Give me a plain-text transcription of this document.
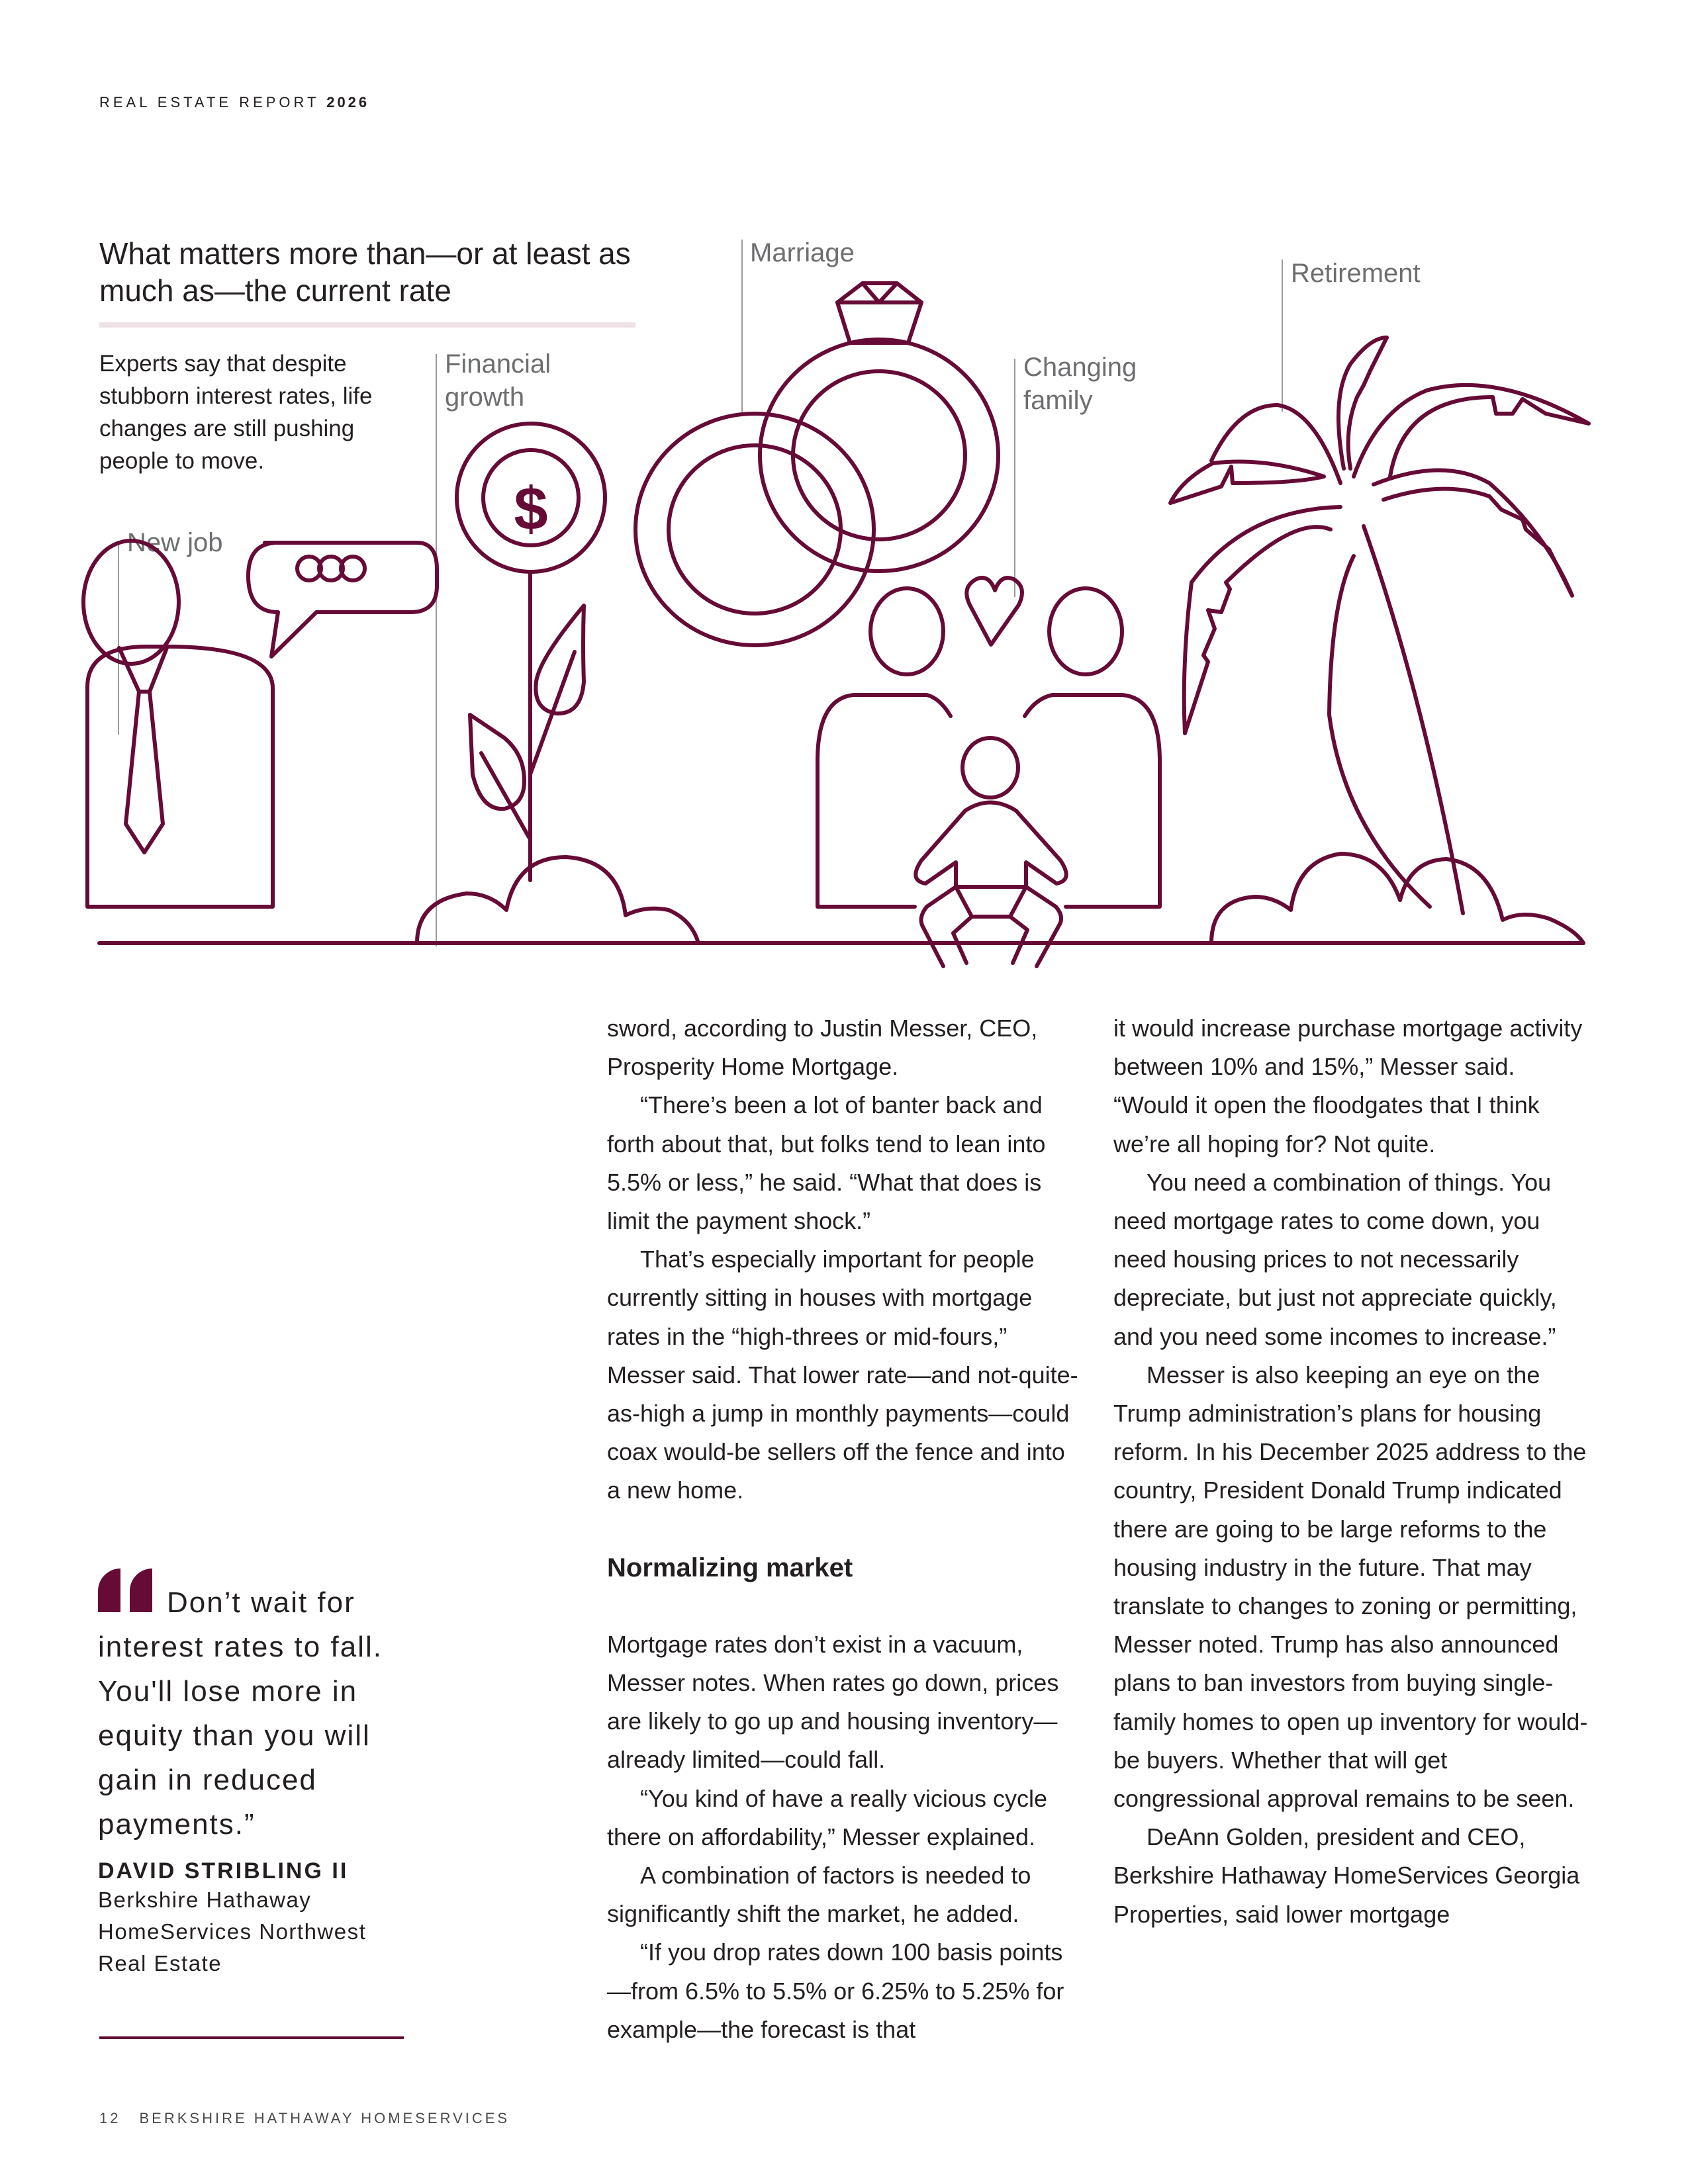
REAL ESTATE REPORT 2026
What matters more than—or at least as much as—the current rate
Experts say that despite stubborn interest rates, life changes are still pushing people to move.
New job
Financial growth
Marriage
Changing family
Retirement
$

sword, according to Justin Messer, CEO, Prosperity Home Mortgage.

“There’s been a lot of banter back and forth about that, but folks tend to lean into 5.5% or less,” he said. “What that does is limit the payment shock.”

That’s especially important for people currently sitting in houses with mortgage rates in the “high-threes or mid-fours,” Messer said. That lower rate—and not-quite-as-high a jump in monthly payments—could coax would-be sellers off the fence and into a new home.

Normalizing market

Mortgage rates don’t exist in a vacuum, Messer notes. When rates go down, prices are likely to go up and housing inventory—already limited—could fall.

“You kind of have a really vicious cycle there on affordability,” Messer explained.

A combination of factors is needed to significantly shift the market, he added.

“If you drop rates down 100 basis points—from 6.5% to 5.5% or 6.25% to 5.25% for example—the forecast is that

it would increase purchase mortgage activity between 10% and 15%,” Messer said. “Would it open the floodgates that I think we’re all hoping for? Not quite.

You need a combination of things. You need mortgage rates to come down, you need housing prices to not necessarily depreciate, but just not appreciate quickly, and you need some incomes to increase.”

Messer is also keeping an eye on the Trump administration’s plans for housing reform. In his December 2025 address to the country, President Donald Trump indicated there are going to be large reforms to the housing industry in the future. That may translate to changes to zoning or permitting, Messer noted. Trump has also announced plans to ban investors from buying single-family homes to open up inventory for would-be buyers. Whether that will get congressional approval remains to be seen.

DeAnn Golden, president and CEO, Berkshire Hathaway HomeServices Georgia Properties, said lower mortgage

Don’t wait for interest rates to fall. You'll lose more in equity than you will gain in reduced payments.”
DAVID STRIBLING II
Berkshire Hathaway HomeServices Northwest Real Estate
12 BERKSHIRE HATHAWAY HOMESERVICES
